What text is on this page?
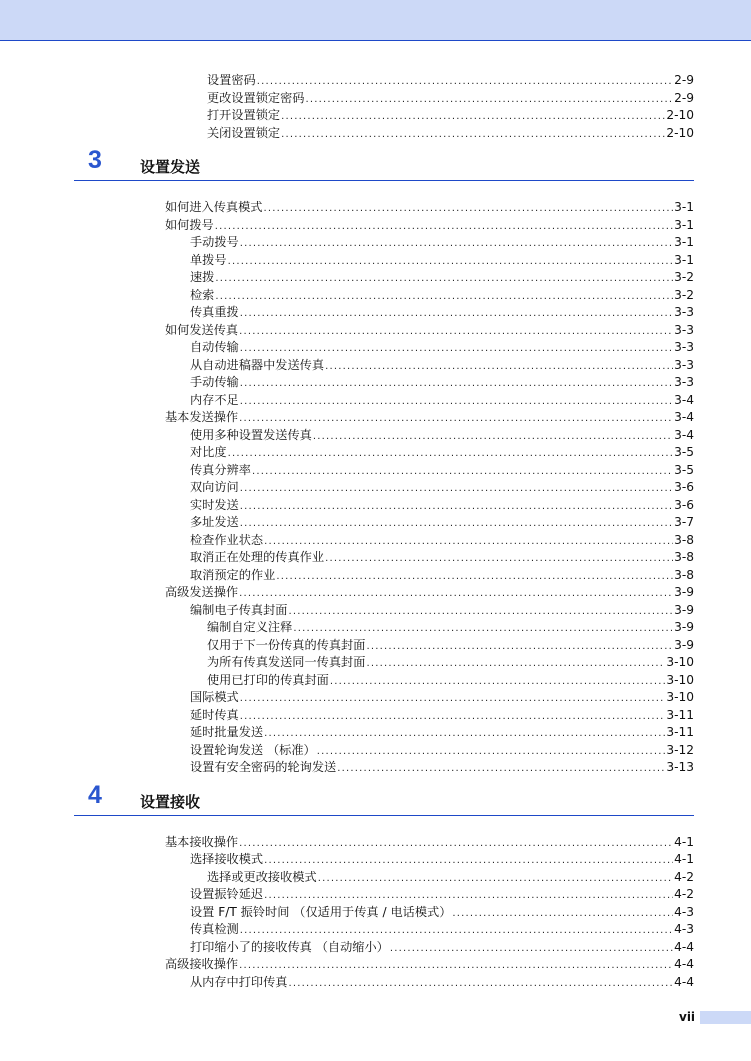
设置密码 .....	2-9
更改设置锁定密码 .....	2-9
打开设置锁定 .....	2-10
关闭设置锁定 .....	2-10
3	设置发送
如何进入传真模式 .....	3-1
如何拨号 .....	3-1
手动拨号 .....	3-1
单拨号 .....	3-1
速拨 .....	3-2
检索 .....	3-2
传真重拨 .....	3-3
如何发送传真 .....	3-3
自动传输 .....	3-3
从自动进稿器中发送传真 .....	3-3
手动传输 .....	3-3
内存不足 .....	3-4
基本发送操作 .....	3-4
使用多种设置发送传真 .....	3-4
对比度 .....	3-5
传真分辨率 .....	3-5
双向访问 .....	3-6
实时发送 .....	3-6
多址发送 .....	3-7
检查作业状态 .....	3-8
取消正在处理的传真作业 .....	3-8
取消预定的作业 .....	3-8
高级发送操作 .....	3-9
编制电子传真封面 .....	3-9
编制自定义注释 .....	3-9
仅用于下一份传真的传真封面 .....	3-9
为所有传真发送同一传真封面 .....	3-10
使用已打印的传真封面 .....	3-10
国际模式 .....	3-10
延时传真 .....	3-11
延时批量发送 .....	3-11
设置轮询发送 （标准） .....	3-12
设置有安全密码的轮询发送 .....	3-13
4	设置接收
基本接收操作 .....	4-1
选择接收模式 .....	4-1
选择或更改接收模式 .....	4-2
设置振铃延迟 .....	4-2
设置 F/T 振铃时间 （仅适用于传真 / 电话模式） .....	4-3
传真检测 .....	4-3
打印缩小了的接收传真 （自动缩小） .....	4-4
高级接收操作 .....	4-4
从内存中打印传真 .....	4-4
vii
